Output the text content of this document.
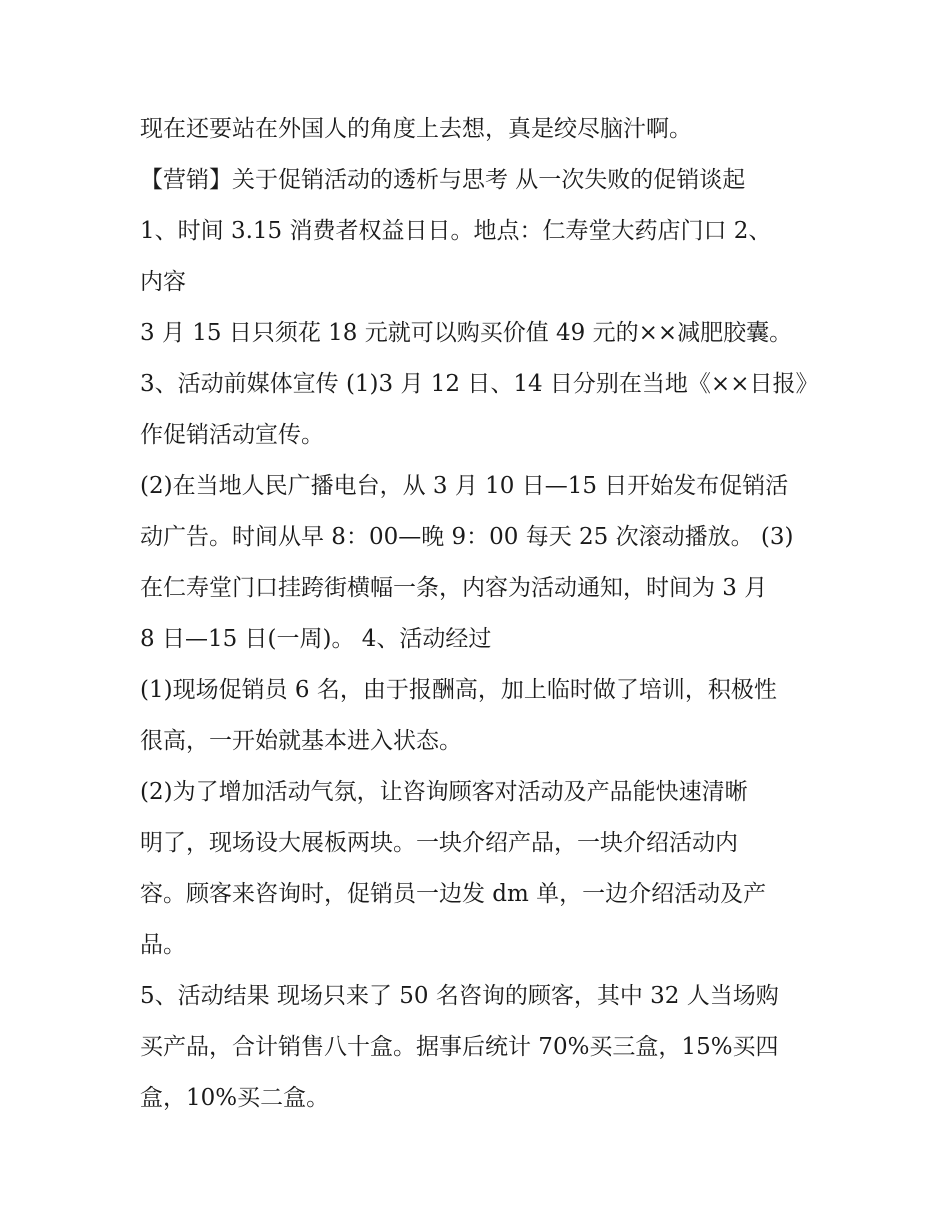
现在还要站在外国人的角度上去想，真是绞尽脑汁啊。
【营销】关于促销活动的透析与思考 从一次失败的促销谈起
1、时间 3.15 消费者权益日日。地点：仁寿堂大药店门口 2、
内容
3 月 15 日只须花 18 元就可以购买价值 49 元的××减肥胶囊。
3、活动前媒体宣传 (1)3 月 12 日、14 日分别在当地《××日报》
作促销活动宣传。
(2)在当地人民广播电台，从 3 月 10 日—15 日开始发布促销活
动广告。时间从早 8：00—晚 9：00 每天 25 次滚动播放。 (3)
在仁寿堂门口挂跨街横幅一条，内容为活动通知，时间为 3 月
8 日—15 日(一周)。 4、活动经过
(1)现场促销员 6 名，由于报酬高，加上临时做了培训，积极性
很高，一开始就基本进入状态。
(2)为了增加活动气氛，让咨询顾客对活动及产品能快速清晰
明了，现场设大展板两块。一块介绍产品，一块介绍活动内
容。顾客来咨询时，促销员一边发 dm 单，一边介绍活动及产
品。
5、活动结果 现场只来了 50 名咨询的顾客，其中 32 人当场购
买产品，合计销售八十盒。据事后统计 70%买三盒，15%买四
盒，10%买二盒。
